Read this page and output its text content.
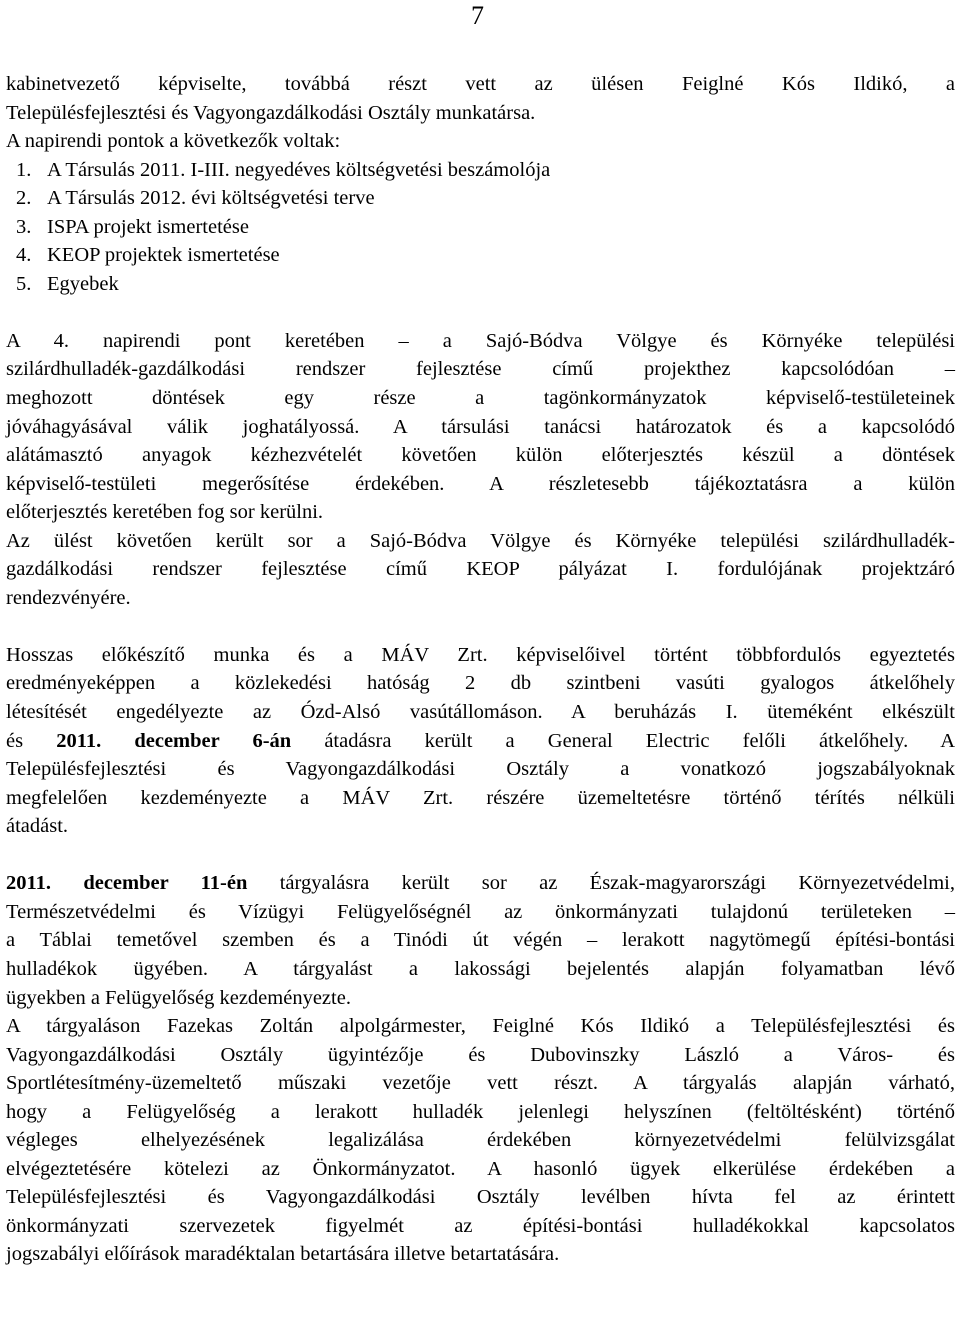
7
kabinetvezető képviselte, továbbá részt vett az ülésen Feiglné Kós Ildikó, a
Településfejlesztési és Vagyongazdálkodási Osztály munkatársa.
A napirendi pontok a következők voltak:
1. A Társulás 2011. I-III. negyedéves költségvetési beszámolója
2. A Társulás 2012. évi költségvetési terve
3. ISPA projekt ismertetése
4. KEOP projektek ismertetése
5. Egyebek
A 4. napirendi pont keretében – a Sajó-Bódva Völgye és Környéke települési
szilárdhulladék-gazdálkodási rendszer fejlesztése című projekthez kapcsolódóan –
meghozott döntések egy része a tagönkormányzatok képviselő-testületeinek
jóváhagyásával válik joghatályossá. A társulási tanácsi határozatok és a kapcsolódó
alátámasztó anyagok kézhezvételét követően külön előterjesztés készül a döntések
képviselő-testületi megerősítése érdekében. A részletesebb tájékoztatásra a külön
előterjesztés keretében fog sor kerülni.
Az ülést követően került sor a Sajó-Bódva Völgye és Környéke települési szilárdhulladék-
gazdálkodási rendszer fejlesztése című KEOP pályázat I. fordulójának projektzáró
rendezvényére.
Hosszas előkészítő munka és a MÁV Zrt. képviselőivel történt többfordulós egyeztetés
eredményeképpen a közlekedési hatóság 2 db szintbeni vasúti gyalogos átkelőhely
létesítését engedélyezte az Ózd-Alsó vasútállomáson. A beruházás I. üteméként elkészült
és 2011. december 6-án átadásra került a General Electric felőli átkelőhely. A
Településfejlesztési és Vagyongazdálkodási Osztály a vonatkozó jogszabályoknak
megfelelően kezdeményezte a MÁV Zrt. részére üzemeltetésre történő térítés nélküli
átadást.
2011. december 11-én tárgyalásra került sor az Észak-magyarországi Környezetvédelmi,
Természetvédelmi és Vízügyi Felügyelőségnél az önkormányzati tulajdonú területeken –
a Táblai temetővel szemben és a Tinódi út végén – lerakott nagytömegű építési-bontási
hulladékok ügyében. A tárgyalást a lakossági bejelentés alapján folyamatban lévő
ügyekben a Felügyelőség kezdeményezte.
A tárgyaláson Fazekas Zoltán alpolgármester, Feiglné Kós Ildikó a Településfejlesztési és
Vagyongazdálkodási Osztály ügyintézője és Dubovinszky László a Város- és
Sportlétesítmény-üzemeltető műszaki vezetője vett részt. A tárgyalás alapján várható,
hogy a Felügyelőség a lerakott hulladék jelenlegi helyszínen (feltöltésként) történő
végleges elhelyezésének legalizálása érdekében környezetvédelmi felülvizsgálat
elvégeztetésére kötelezi az Önkormányzatot. A hasonló ügyek elkerülése érdekében a
Településfejlesztési és Vagyongazdálkodási Osztály levélben hívta fel az érintett
önkormányzati szervezetek figyelmét az építési-bontási hulladékokkal kapcsolatos
jogszabályi előírások maradéktalan betartására illetve betartatására.
